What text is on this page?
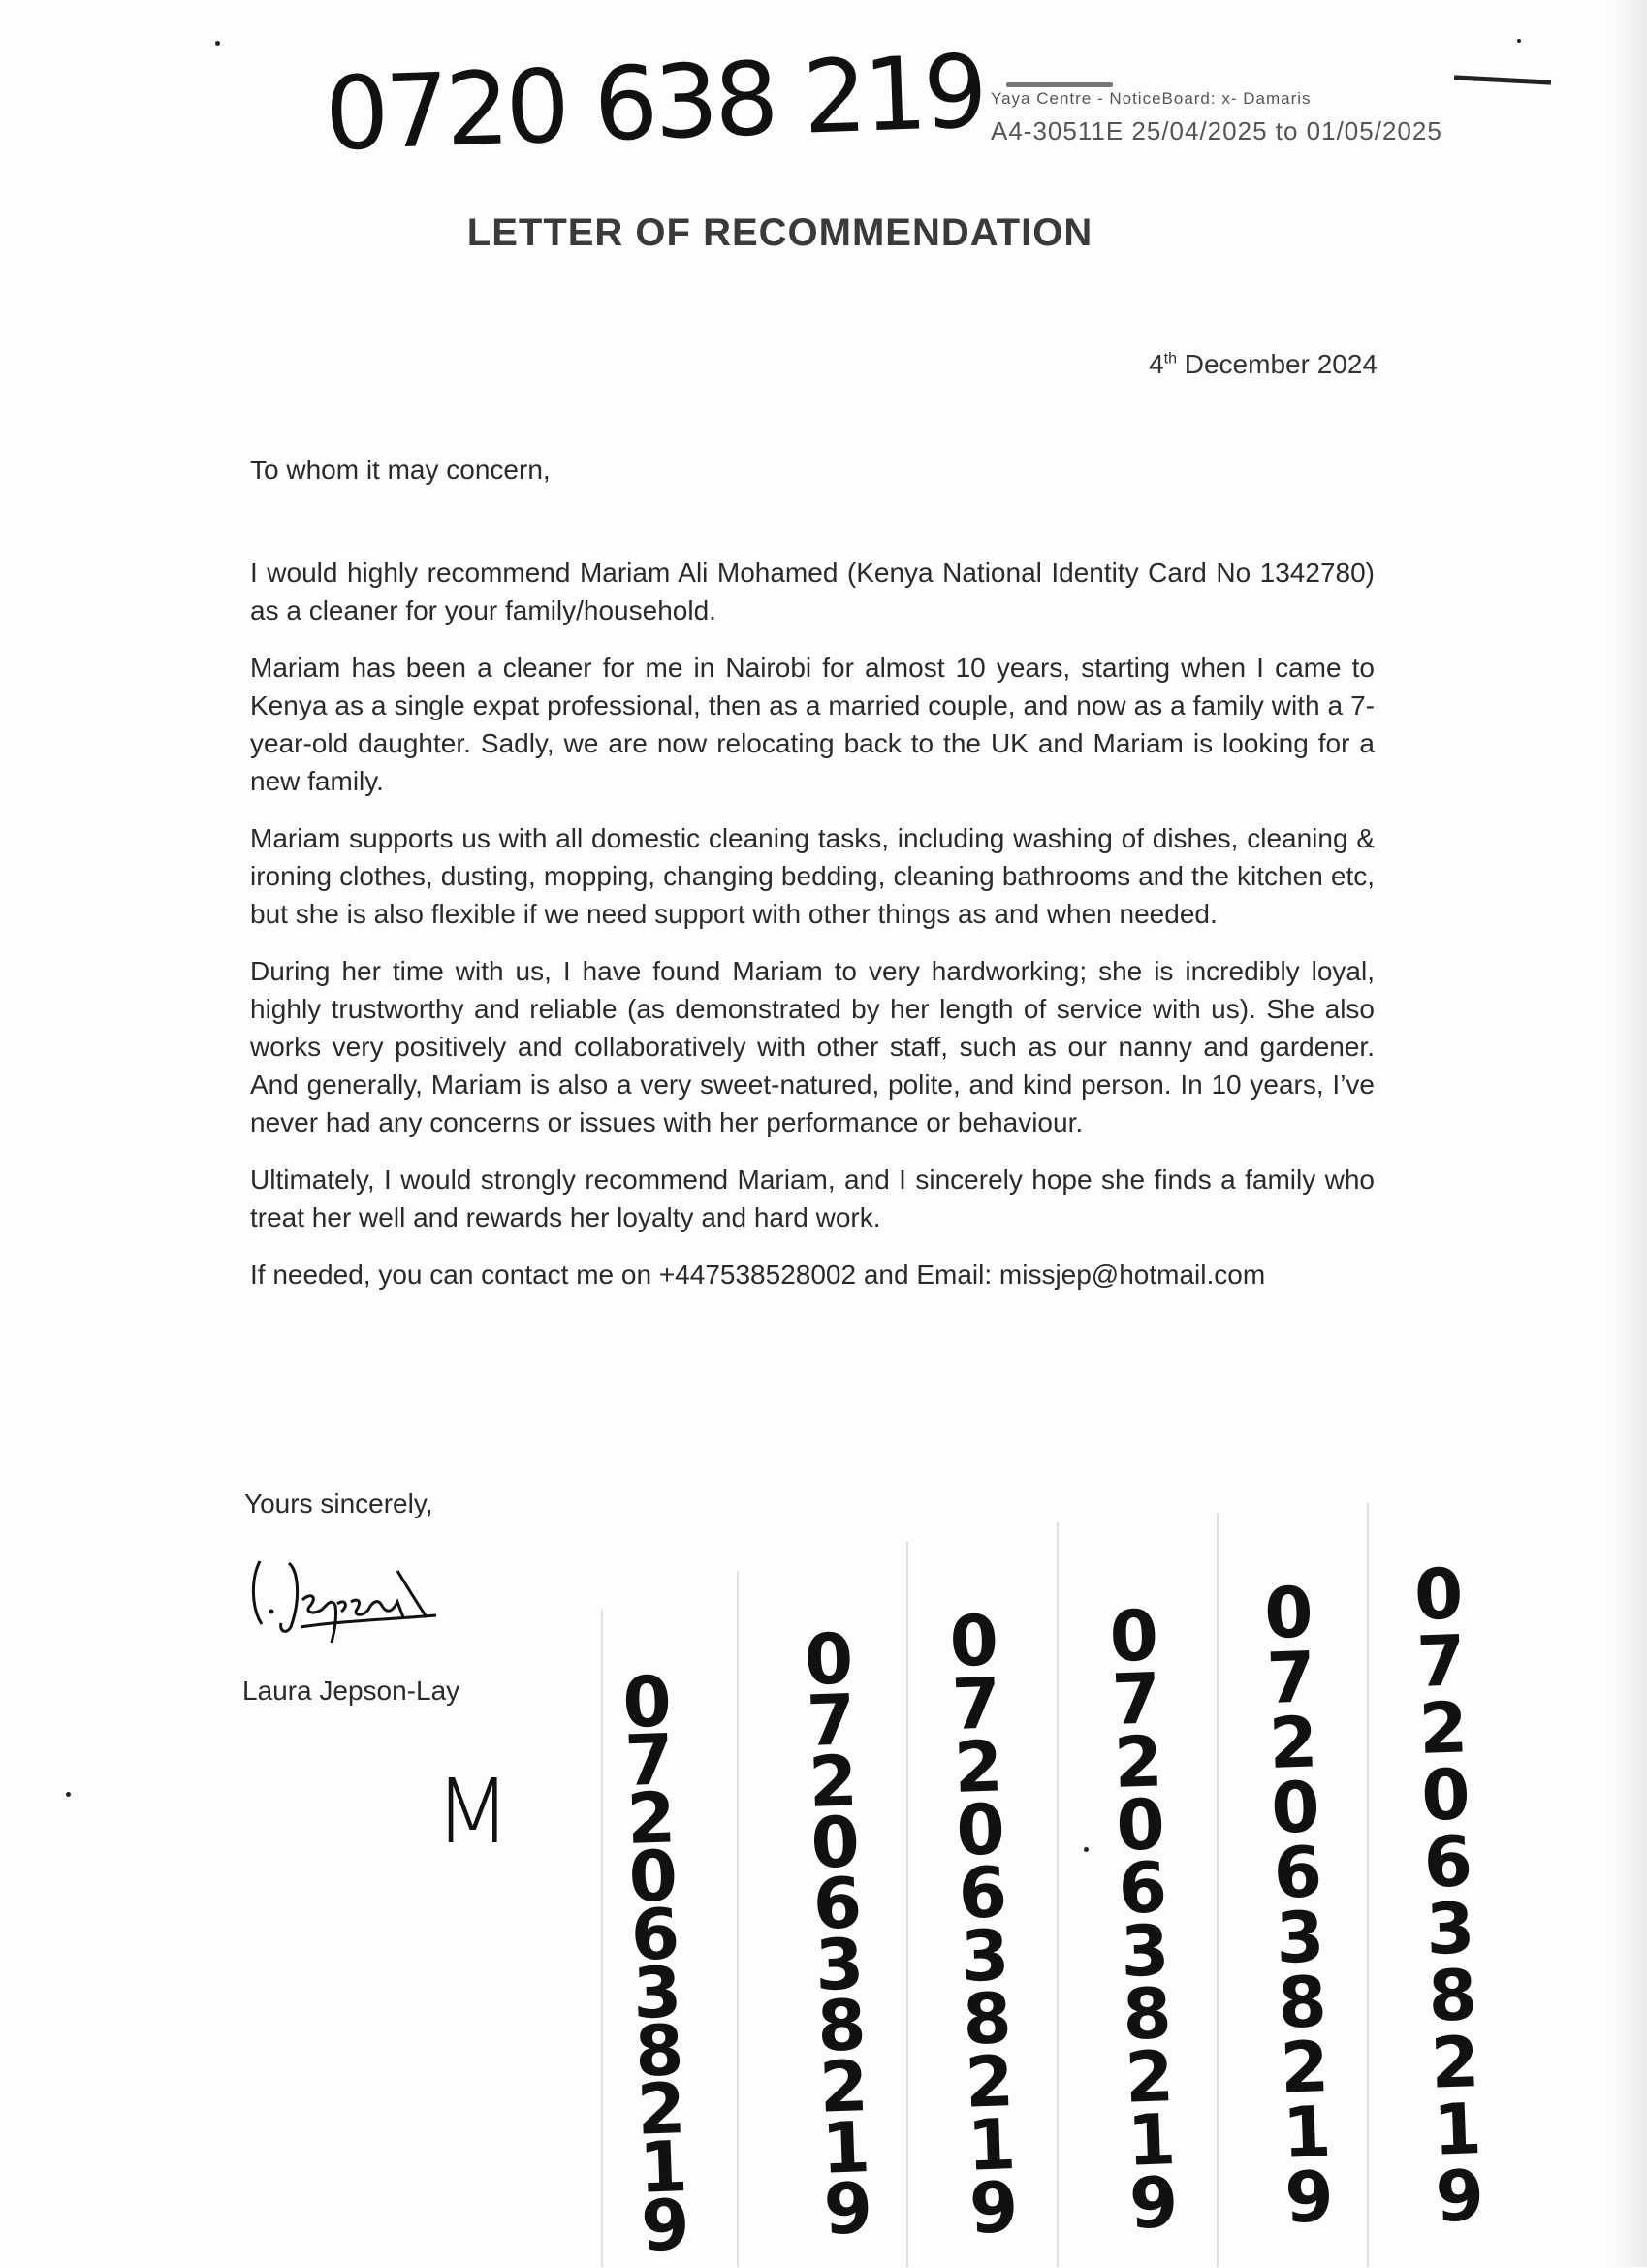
0720 638 219 Yaya Centre - NoticeBoard: x- Damaris
A4-30511E 25/04/2025 to 01/05/2025
LETTER OF RECOMMENDATION
4th December 2024

To whom it may concern,

I would highly recommend Mariam Ali Mohamed (Kenya National Identity Card No 1342780) as a cleaner for your family/household.

Mariam has been a cleaner for me in Nairobi for almost 10 years, starting when I came to Kenya as a single expat professional, then as a married couple, and now as a family with a 7-year-old daughter. Sadly, we are now relocating back to the UK and Mariam is looking for a new family.

Mariam supports us with all domestic cleaning tasks, including washing of dishes, cleaning & ironing clothes, dusting, mopping, changing bedding, cleaning bathrooms and the kitchen etc, but she is also flexible if we need support with other things as and when needed.

During her time with us, I have found Mariam to very hardworking; she is incredibly loyal, highly trustworthy and reliable (as demonstrated by her length of service with us). She also works very positively and collaboratively with other staff, such as our nanny and gardener. And generally, Mariam is also a very sweet-natured, polite, and kind person. In 10 years, I’ve never had any concerns or issues with her performance or behaviour.

Ultimately, I would strongly recommend Mariam, and I sincerely hope she finds a family who treat her well and rewards her loyalty and hard work.

If needed, you can contact me on +447538528002 and Email: missjep@hotmail.com

Yours sincerely,
Laura Jepson-Lay
M
0
7
2
0
6
3
8
2
1
9
0
7
2
0
6
3
8
2
1
9
0
7
2
0
6
3
8
2
1
9
0
7
2
0
6
3
8
2
1
9
0
7
2
0
6
3
8
2
1
9
0
7
2
0
6
3
8
2
1
9
